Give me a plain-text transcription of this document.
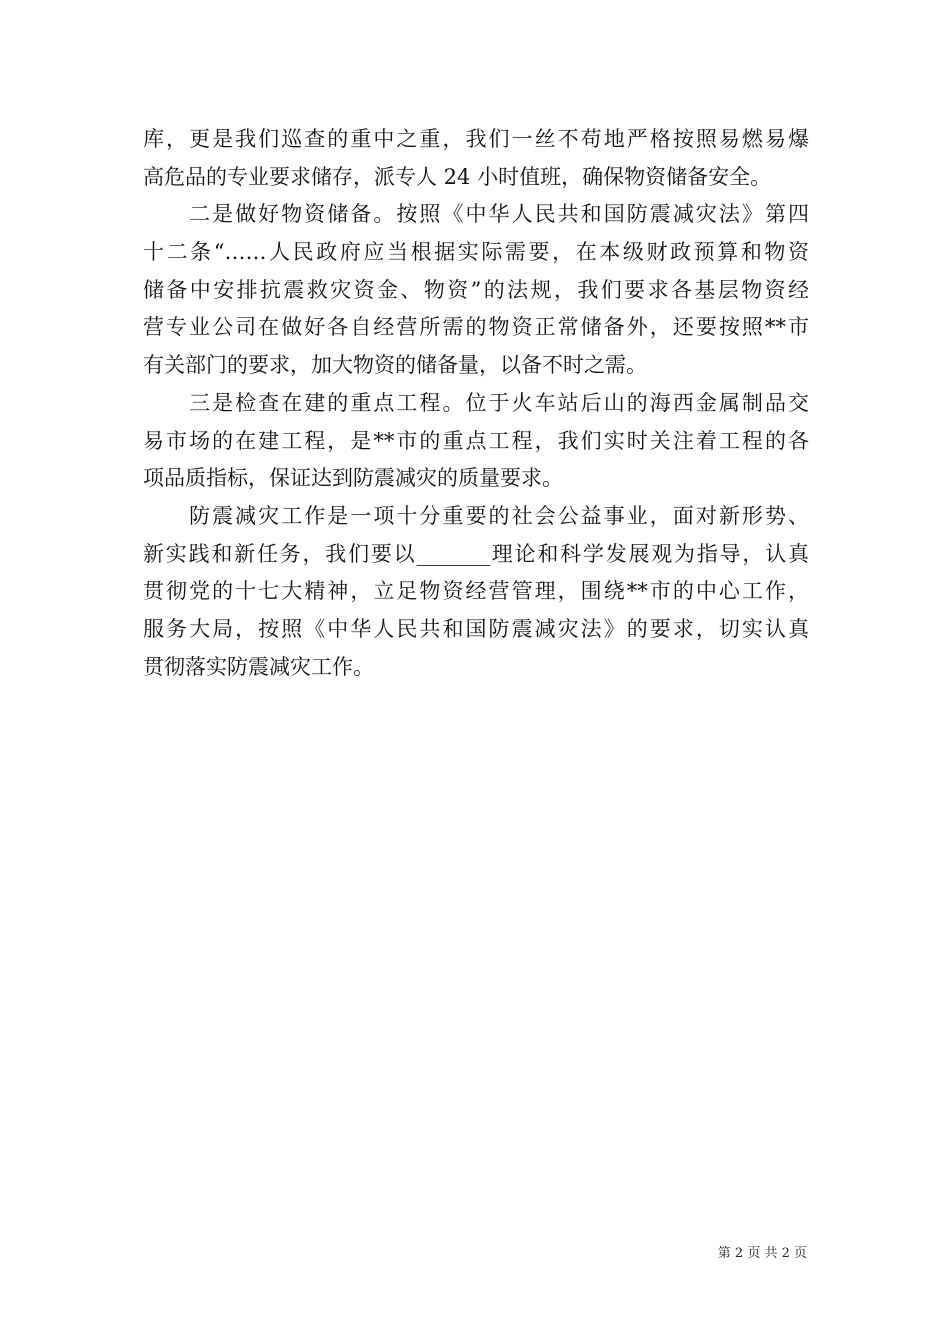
库，更是我们巡查的重中之重，我们一丝不苟地严格按照易燃易爆
高危品的专业要求储存，派专人 24 小时值班，确保物资储备安全。
　　二是做好物资储备。按照《中华人民共和国防震减灾法》第四
十二条“……人民政府应当根据实际需要，在本级财政预算和物资
储备中安排抗震救灾资金、物资”的法规，我们要求各基层物资经
营专业公司在做好各自经营所需的物资正常储备外，还要按照**市
有关部门的要求，加大物资的储备量，以备不时之需。
　　三是检查在建的重点工程。位于火车站后山的海西金属制品交
易市场的在建工程，是**市的重点工程，我们实时关注着工程的各
项品质指标，保证达到防震减灾的质量要求。
　　防震减灾工作是一项十分重要的社会公益事业，面对新形势、
新实践和新任务，我们要以_______理论和科学发展观为指导，认真
贯彻党的十七大精神，立足物资经营管理，围绕**市的中心工作，
服务大局，按照《中华人民共和国防震减灾法》的要求，切实认真
贯彻落实防震减灾工作。
第 2 页 共 2 页
